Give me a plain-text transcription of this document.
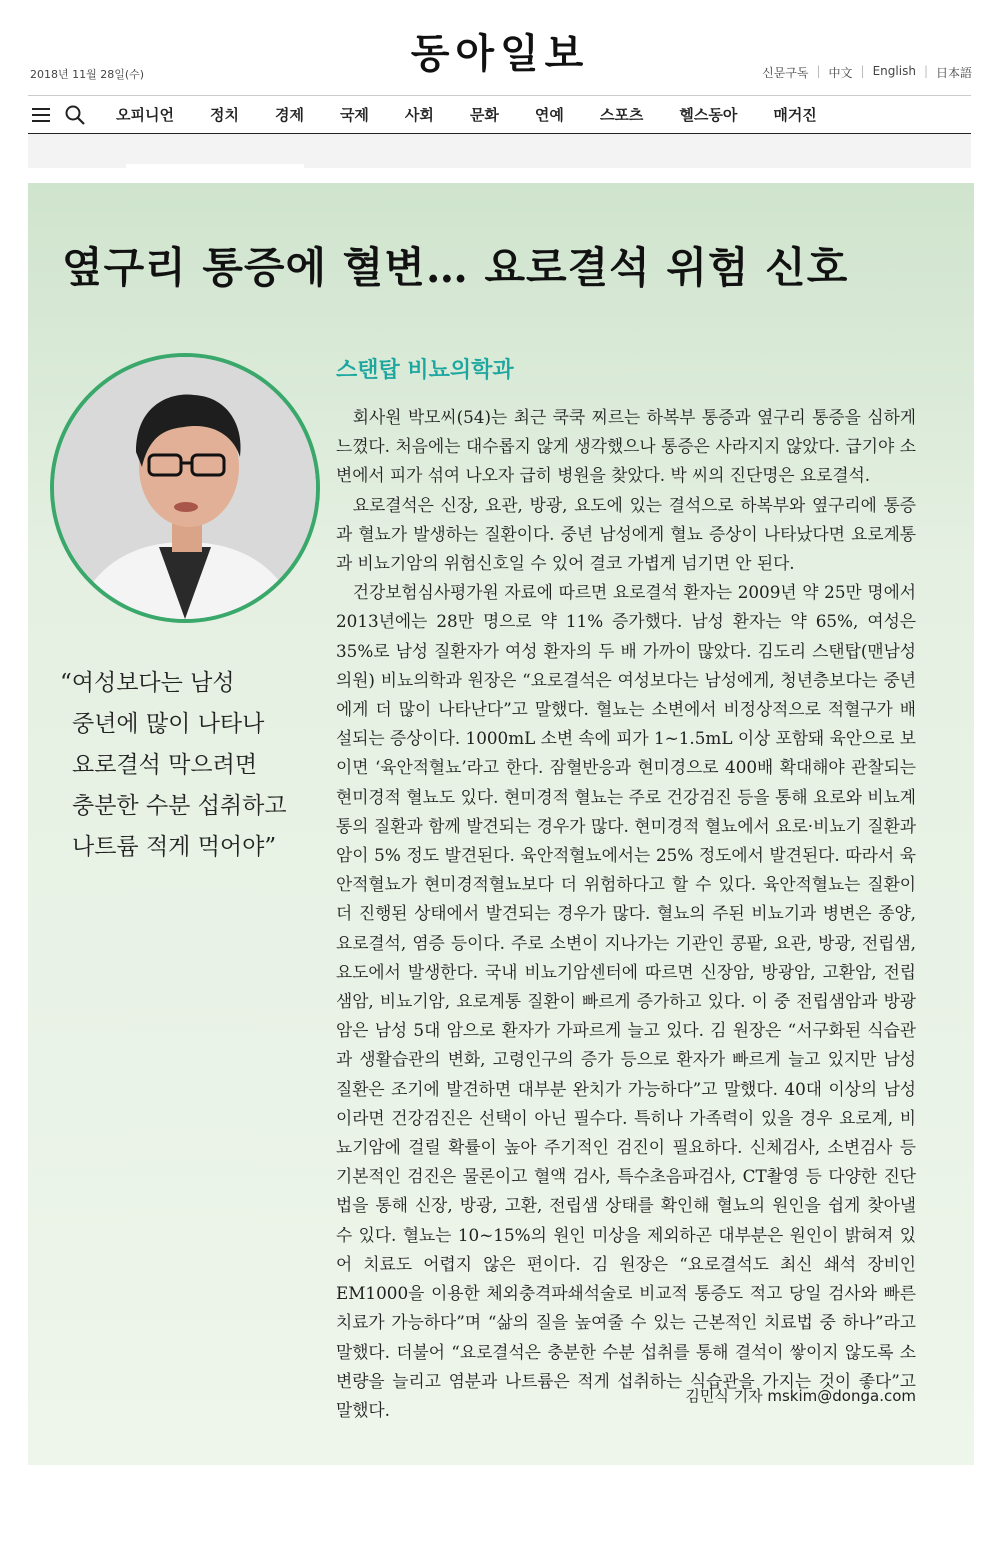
동아일보
2018년 11월 28일(수)	신문구독 | 中文 | English | 日本語
오피니언 정치 경제 국제 사회 문화 연예 스포츠 헬스동아 매거진
옆구리 통증에 혈변… 요로결석 위험 신호
“여성보다는 남성
중년에 많이 나타나
요로결석 막으려면
충분한 수분 섭취하고
나트륨 적게 먹어야”
스탠탑 비뇨의학과

회사원 박모씨(54)는 최근 쿡쿡 찌르는 하복부 통증과 옆구리 통증을 심하게 느꼈다. 처음에는 대수롭지 않게 생각했으나 통증은 사라지지 않았다. 급기야 소변에서 피가 섞여 나오자 급히 병원을 찾았다. 박 씨의 진단명은 요로결석.

요로결석은 신장, 요관, 방광, 요도에 있는 결석으로 하복부와 옆구리에 통증과 혈뇨가 발생하는 질환이다. 중년 남성에게 혈뇨 증상이 나타났다면 요로계통과 비뇨기암의 위험신호일 수 있어 결코 가볍게 넘기면 안 된다.

건강보험심사평가원 자료에 따르면 요로결석 환자는 2009년 약 25만 명에서 2013년에는 28만 명으로 약 11% 증가했다. 남성 환자는 약 65%, 여성은 35%로 남성 질환자가 여성 환자의 두 배 가까이 많았다. 김도리 스탠탑(맨남성의원) 비뇨의학과 원장은 “요로결석은 여성보다는 남성에게, 청년층보다는 중년에게 더 많이 나타난다”고 말했다. 혈뇨는 소변에서 비정상적으로 적혈구가 배설되는 증상이다. 1000mL 소변 속에 피가 1~1.5mL 이상 포함돼 육안으로 보이면 ‘육안적혈뇨’라고 한다. 잠혈반응과 현미경으로 400배 확대해야 관찰되는 현미경적 혈뇨도 있다. 현미경적 혈뇨는 주로 건강검진 등을 통해 요로와 비뇨계통의 질환과 함께 발견되는 경우가 많다. 현미경적 혈뇨에서 요로·비뇨기 질환과 암이 5% 정도 발견된다. 육안적혈뇨에서는 25% 정도에서 발견된다. 따라서 육안적혈뇨가 현미경적혈뇨보다 더 위험하다고 할 수 있다. 육안적혈뇨는 질환이 더 진행된 상태에서 발견되는 경우가 많다. 혈뇨의 주된 비뇨기과 병변은 종양, 요로결석, 염증 등이다. 주로 소변이 지나가는 기관인 콩팥, 요관, 방광, 전립샘, 요도에서 발생한다. 국내 비뇨기암센터에 따르면 신장암, 방광암, 고환암, 전립샘암, 비뇨기암, 요로계통 질환이 빠르게 증가하고 있다. 이 중 전립샘암과 방광암은 남성 5대 암으로 환자가 가파르게 늘고 있다. 김 원장은 “서구화된 식습관과 생활습관의 변화, 고령인구의 증가 등으로 환자가 빠르게 늘고 있지만 남성 질환은 조기에 발견하면 대부분 완치가 가능하다”고 말했다. 40대 이상의 남성이라면 건강검진은 선택이 아닌 필수다. 특히나 가족력이 있을 경우 요로계, 비뇨기암에 걸릴 확률이 높아 주기적인 검진이 필요하다. 신체검사, 소변검사 등 기본적인 검진은 물론이고 혈액 검사, 특수초음파검사, CT촬영 등 다양한 진단법을 통해 신장, 방광, 고환, 전립샘 상태를 확인해 혈뇨의 원인을 쉽게 찾아낼 수 있다. 혈뇨는 10~15%의 원인 미상을 제외하곤 대부분은 원인이 밝혀져 있어 치료도 어렵지 않은 편이다. 김 원장은 “요로결석도 최신 쇄석 장비인 EM1000을 이용한 체외충격파쇄석술로 비교적 통증도 적고 당일 검사와 빠른 치료가 가능하다”며 “삶의 질을 높여줄 수 있는 근본적인 치료법 중 하나”라고 말했다. 더불어 “요로결석은 충분한 수분 섭취를 통해 결석이 쌓이지 않도록 소변량을 늘리고 염분과 나트륨은 적게 섭취하는 식습관을 가지는 것이 좋다”고 말했다.

김민식 기자 mskim@donga.com
